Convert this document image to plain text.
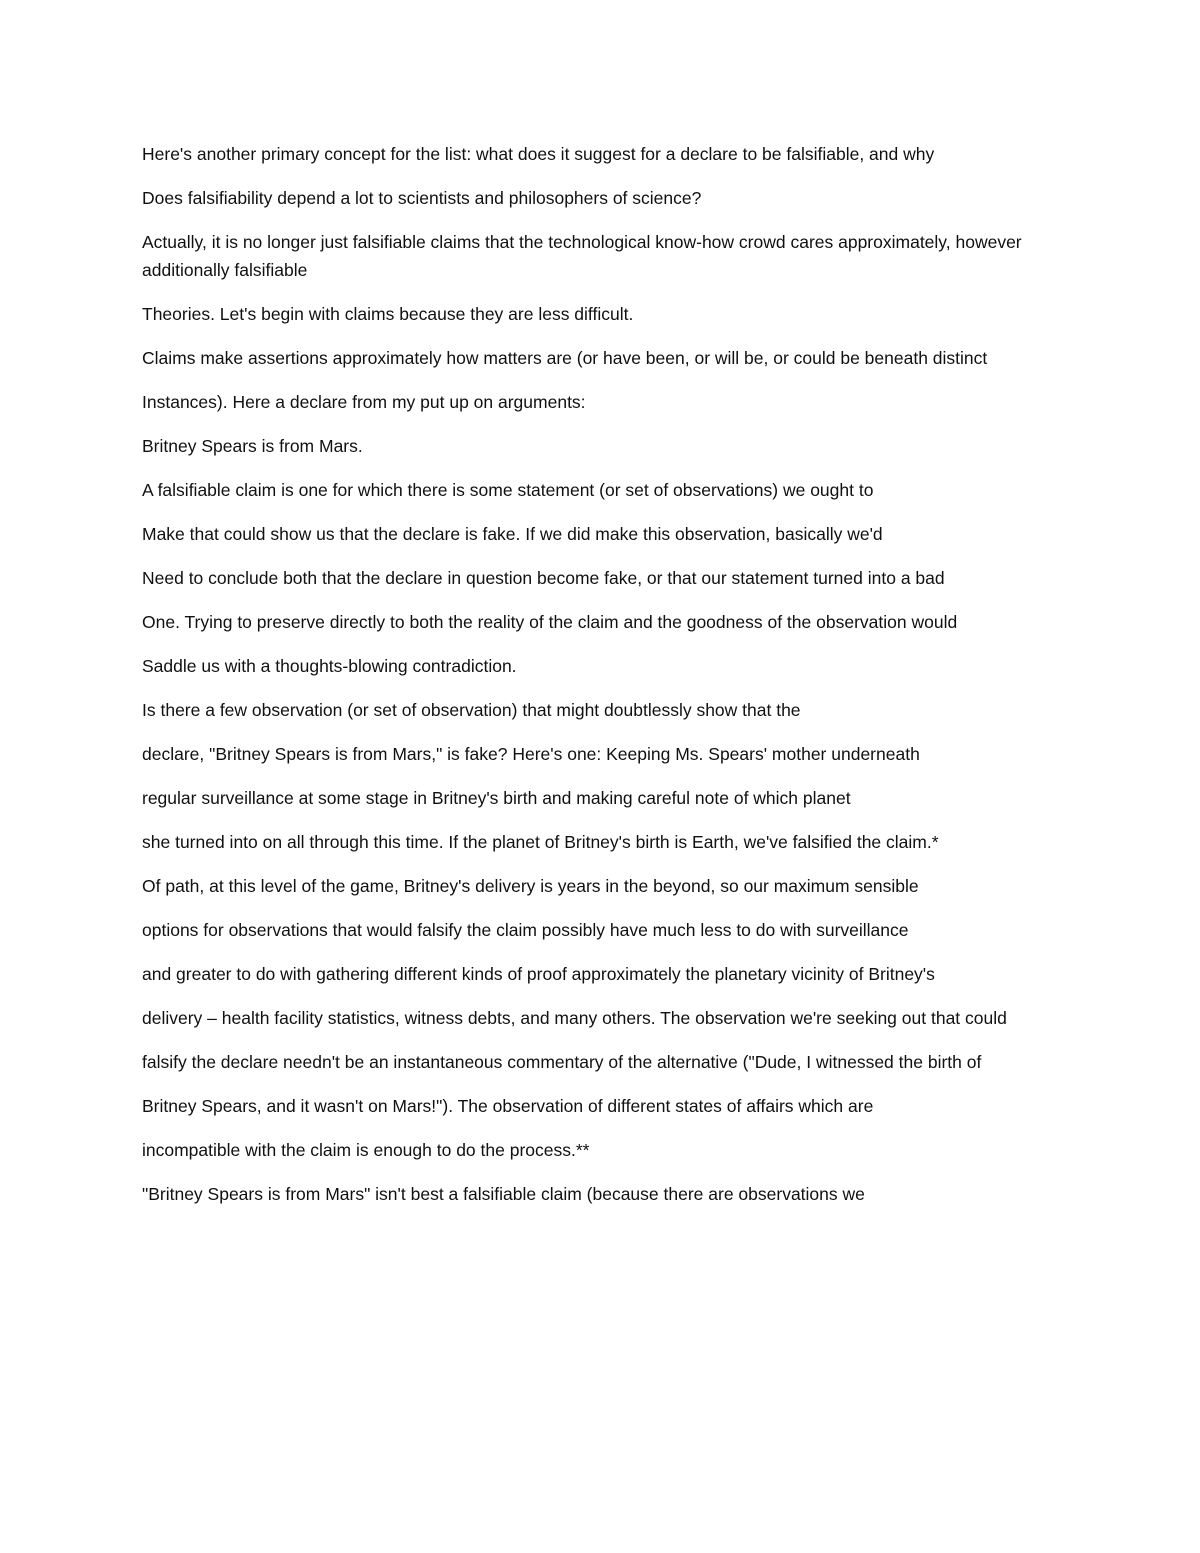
Here's another primary concept for the list: what does it suggest for a declare to be falsifiable, and why

Does falsifiability depend a lot to scientists and philosophers of science?

Actually, it is no longer just falsifiable claims that the technological know-how crowd cares approximately, however additionally falsifiable

Theories. Let's begin with claims because they are less difficult.

Claims make assertions approximately how matters are (or have been, or will be, or could be beneath distinct

Instances). Here a declare from my put up on arguments:

Britney Spears is from Mars.

A falsifiable claim is one for which there is some statement (or set of observations) we ought to

Make that could show us that the declare is fake. If we did make this observation, basically we'd

Need to conclude both that the declare in question become fake, or that our statement turned into a bad

One. Trying to preserve directly to both the reality of the claim and the goodness of the observation would

Saddle us with a thoughts-blowing contradiction.

Is there a few observation (or set of observation) that might doubtlessly show that the

declare, "Britney Spears is from Mars," is fake? Here's one: Keeping Ms. Spears' mother underneath

regular surveillance at some stage in Britney's birth and making careful note of which planet

she turned into on all through this time. If the planet of Britney's birth is Earth, we've falsified the claim.*

Of path, at this level of the game, Britney's delivery is years in the beyond, so our maximum sensible

options for observations that would falsify the claim possibly have much less to do with surveillance

and greater to do with gathering different kinds of proof approximately the planetary vicinity of Britney's

delivery – health facility statistics, witness debts, and many others. The observation we're seeking out that could

falsify the declare needn't be an instantaneous commentary of the alternative ("Dude, I witnessed the birth of

Britney Spears, and it wasn't on Mars!"). The observation of different states of affairs which are

incompatible with the claim is enough to do the process.**

"Britney Spears is from Mars" isn't best a falsifiable claim (because there are observations we
